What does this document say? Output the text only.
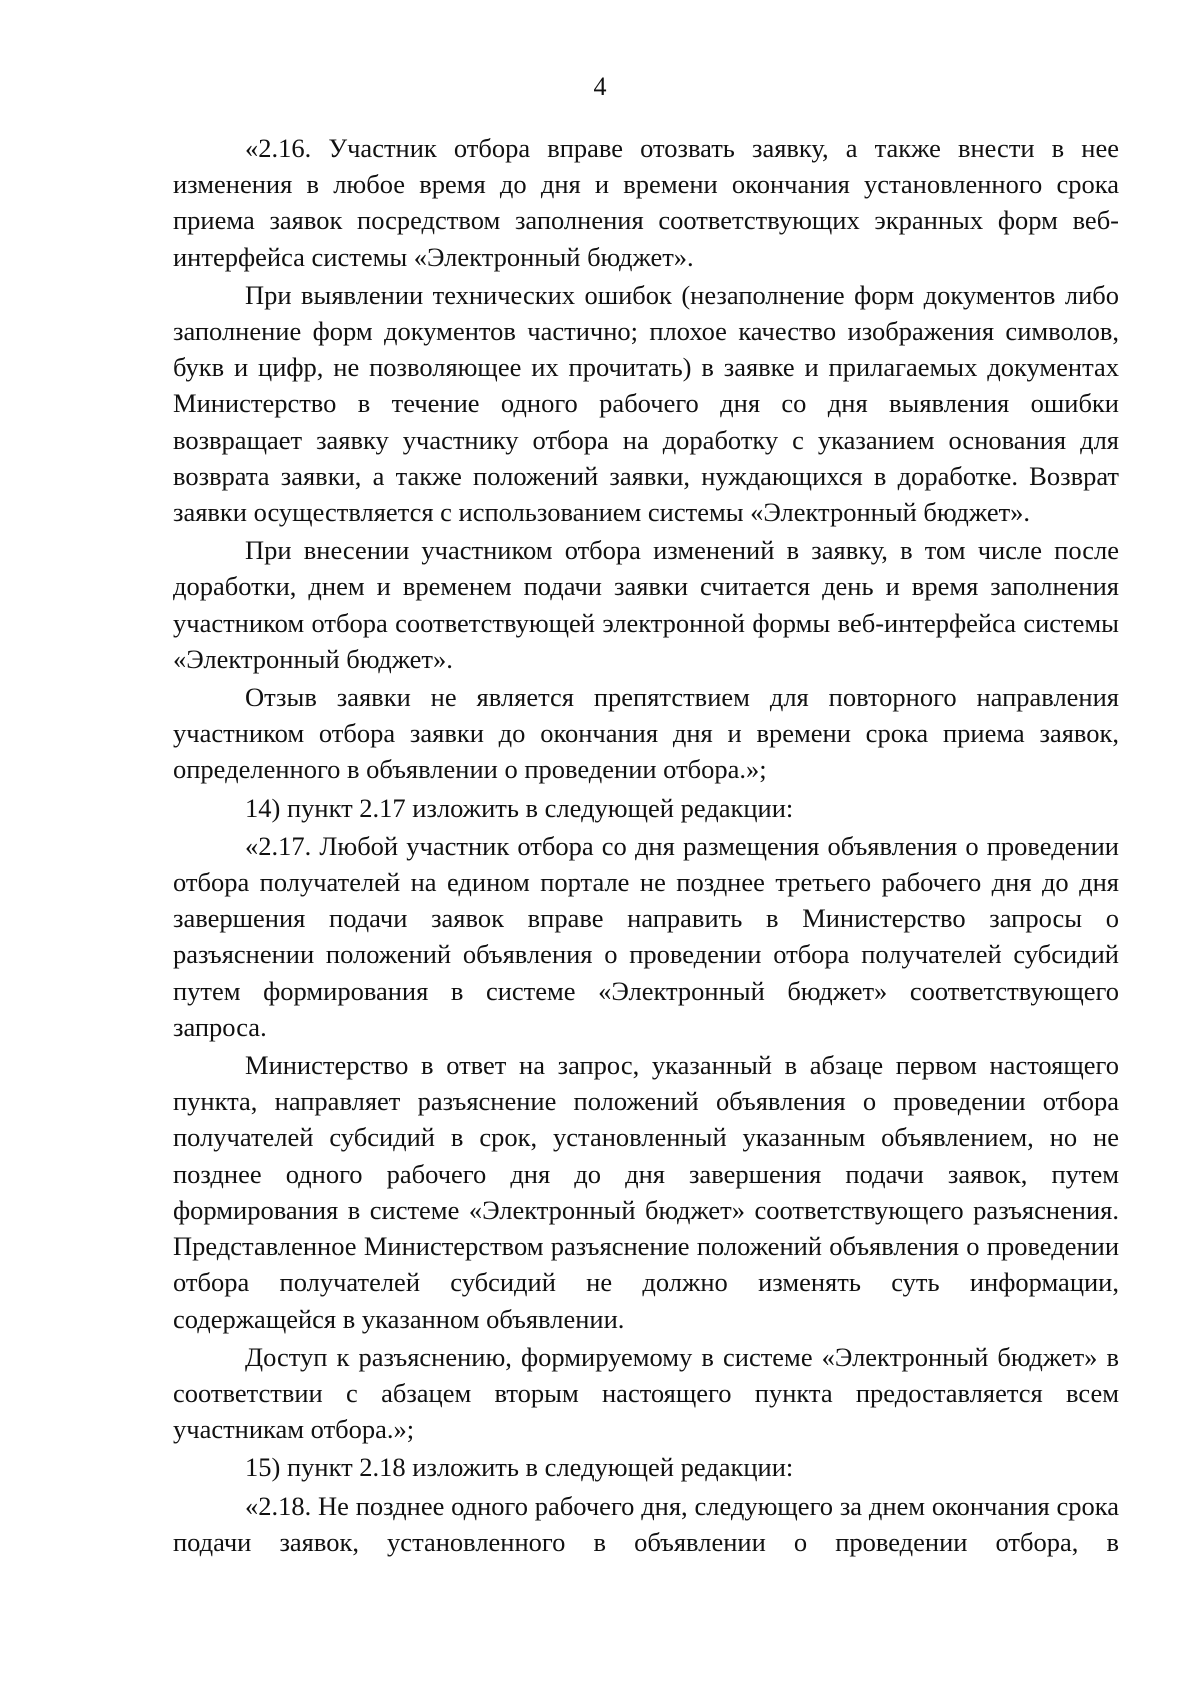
4

«2.16. Участник отбора вправе отозвать заявку, а также внести в нее изменения в любое время до дня и времени окончания установленного срока приема заявок посредством заполнения соответствующих экранных форм веб-интерфейса системы «Электронный бюджет».

При выявлении технических ошибок (незаполнение форм документов либо заполнение форм документов частично; плохое качество изображения символов, букв и цифр, не позволяющее их прочитать) в заявке и прилагаемых документах Министерство в течение одного рабочего дня со дня выявления ошибки возвращает заявку участнику отбора на доработку с указанием основания для возврата заявки, а также положений заявки, нуждающихся в доработке. Возврат заявки осуществляется с использованием системы «Электронный бюджет».

При внесении участником отбора изменений в заявку, в том числе после доработки, днем и временем подачи заявки считается день и время заполнения участником отбора соответствующей электронной формы веб-интерфейса системы «Электронный бюджет».

Отзыв заявки не является препятствием для повторного направления участником отбора заявки до окончания дня и времени срока приема заявок, определенного в объявлении о проведении отбора.»;

14) пункт 2.17 изложить в следующей редакции:

«2.17. Любой участник отбора со дня размещения объявления о проведении отбора получателей на едином портале не позднее третьего рабочего дня до дня завершения подачи заявок вправе направить в Министерство запросы о разъяснении положений объявления о проведении отбора получателей субсидий путем формирования в системе «Электронный бюджет» соответствующего запроса.

Министерство в ответ на запрос, указанный в абзаце первом настоящего пункта, направляет разъяснение положений объявления о проведении отбора получателей субсидий в срок, установленный указанным объявлением, но не позднее одного рабочего дня до дня завершения подачи заявок, путем формирования в системе «Электронный бюджет» соответствующего разъяснения. Представленное Министерством разъяснение положений объявления о проведении отбора получателей субсидий не должно изменять суть информации, содержащейся в указанном объявлении.

Доступ к разъяснению, формируемому в системе «Электронный бюджет» в соответствии с абзацем вторым настоящего пункта предоставляется всем участникам отбора.»;

15) пункт 2.18 изложить в следующей редакции:

«2.18. Не позднее одного рабочего дня, следующего за днем окончания срока подачи заявок, установленного в объявлении о проведении отбора, в
